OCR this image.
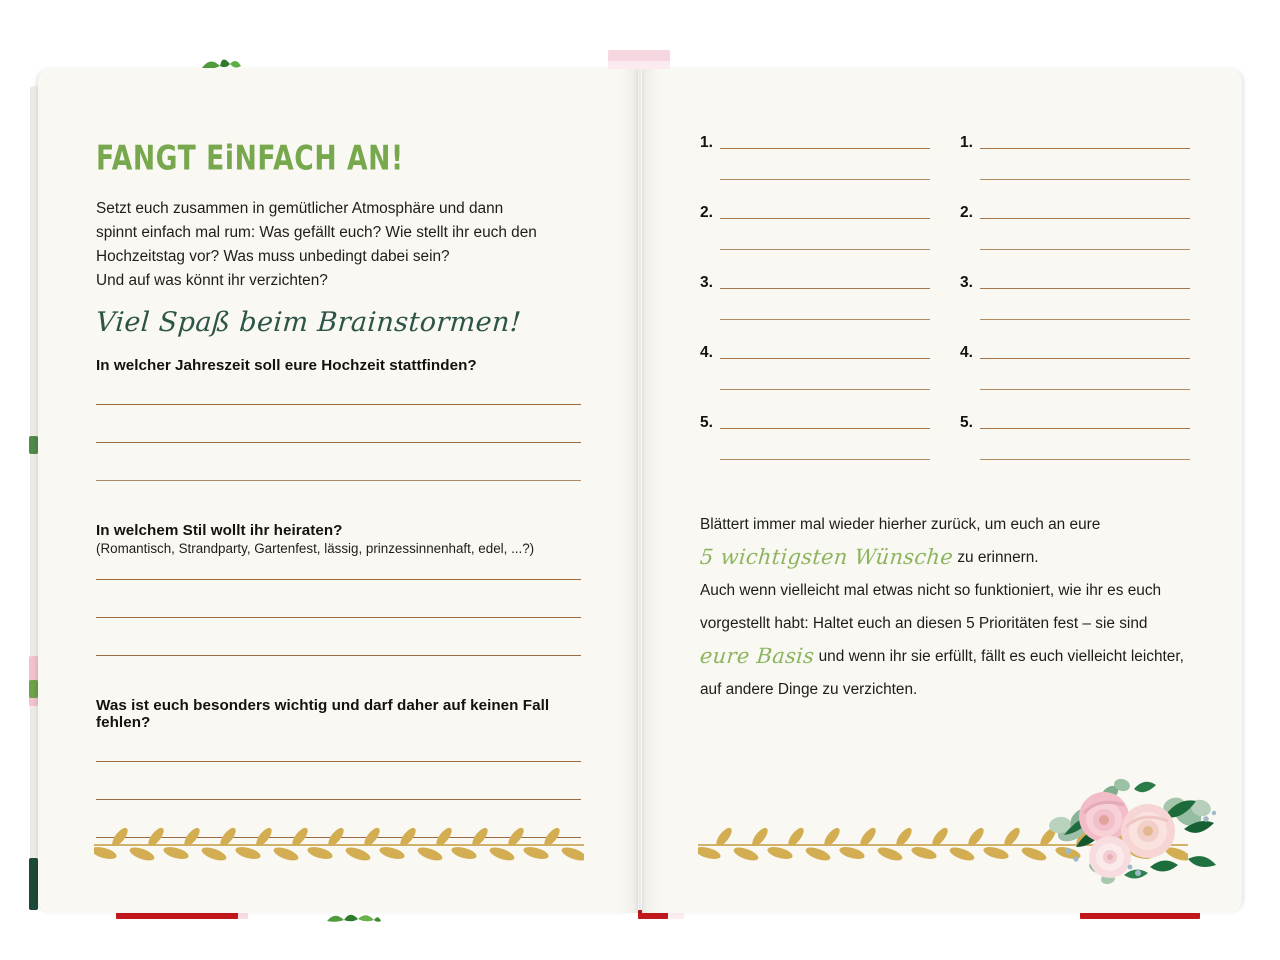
FANGT EiNFACH AN!
Setzt euch zusammen in gemütlicher Atmosphäre und dann
spinnt einfach mal rum: Was gefällt euch? Wie stellt ihr euch den
Hochzeitstag vor? Was muss unbedingt dabei sein?
Und auf was könnt ihr verzichten?
Viel Spaß beim Brainstormen!
In welcher Jahreszeit soll eure Hochzeit stattfinden?
In welchem Stil wollt ihr heiraten?
(Romantisch, Strandparty, Gartenfest, lässig, prinzessinnenhaft, edel, ...?)
Was ist euch besonders wichtig und darf daher auf keinen Fall fehlen?
1.
2.
3.
4.
5.
1.
2.
3.
4.
5.
Blättert immer mal wieder hierher zurück, um euch an eure
5 wichtigsten Wünsche zu erinnern.
Auch wenn vielleicht mal etwas nicht so funktioniert, wie ihr es euch vorgestellt habt: Haltet euch an diesen 5 Prioritäten fest – sie sind eure Basis und wenn ihr sie erfüllt, fällt es euch vielleicht leichter, auf andere Dinge zu verzichten.
